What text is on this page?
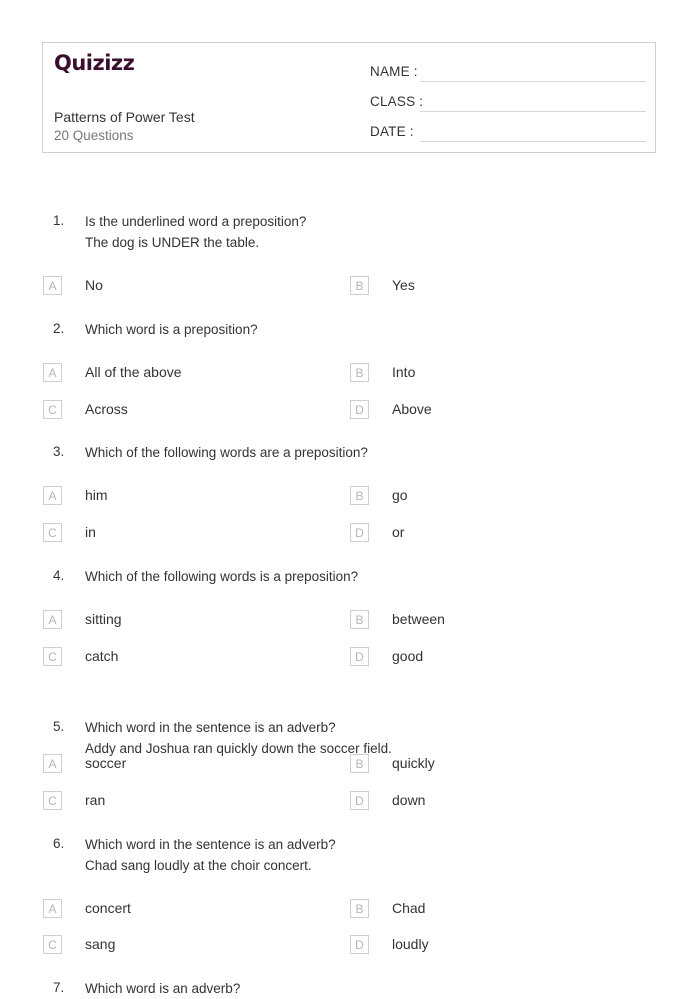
Quizizz
Patterns of Power Test
20 Questions
NAME :
CLASS :
DATE :
1. Is the underlined word a preposition?
The dog is UNDER the table.
A	No	B	Yes
2. Which word is a preposition?
A	All of the above	B	Into
C	Across	D	Above
3. Which of the following words are a preposition?
A	him	B	go
C	in	D	or
4. Which of the following words is a preposition?
A	sitting	B	between
C	catch	D	good
5. Which word in the sentence is an adverb?
Addy and Joshua ran quickly down the soccer field.
A	soccer	B	quickly
C	ran	D	down
6. Which word in the sentence is an adverb?
Chad sang loudly at the choir concert.
A	concert	B	Chad
C	sang	D	loudly
7. Which word is an adverb?
